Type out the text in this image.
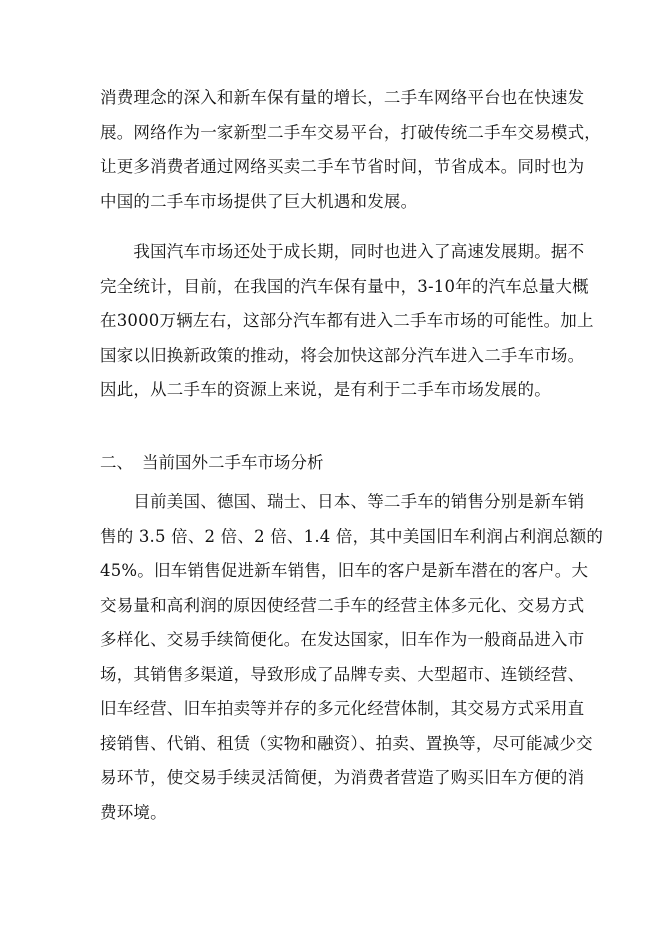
消费理念的深入和新车保有量的增长，二手车网络平台也在快速发
展。网络作为一家新型二手车交易平台，打破传统二手车交易模式，
让更多消费者通过网络买卖二手车节省时间，节省成本。同时也为
中国的二手车市场提供了巨大机遇和发展。

　　我国汽车市场还处于成长期，同时也进入了高速发展期。据不
完全统计，目前，在我国的汽车保有量中，3-10年的汽车总量大概
在3000万辆左右，这部分汽车都有进入二手车市场的可能性。加上
国家以旧换新政策的推动，将会加快这部分汽车进入二手车市场。
因此，从二手车的资源上来说，是有利于二手车市场发展的。

二、 当前国外二手车市场分析

　　目前美国、德国、瑞士、日本、等二手车的销售分别是新车销
售的 3.5 倍、2 倍、2 倍、1.4 倍，其中美国旧车利润占利润总额的
45%。旧车销售促进新车销售，旧车的客户是新车潜在的客户。大
交易量和高利润的原因使经营二手车的经营主体多元化、交易方式
多样化、交易手续简便化。在发达国家，旧车作为一般商品进入市
场，其销售多渠道，导致形成了品牌专卖、大型超市、连锁经营、
旧车经营、旧车拍卖等并存的多元化经营体制，其交易方式采用直
接销售、代销、租赁（实物和融资）、拍卖、置换等，尽可能减少交
易环节，使交易手续灵活简便，为消费者营造了购买旧车方便的消
费环境。
